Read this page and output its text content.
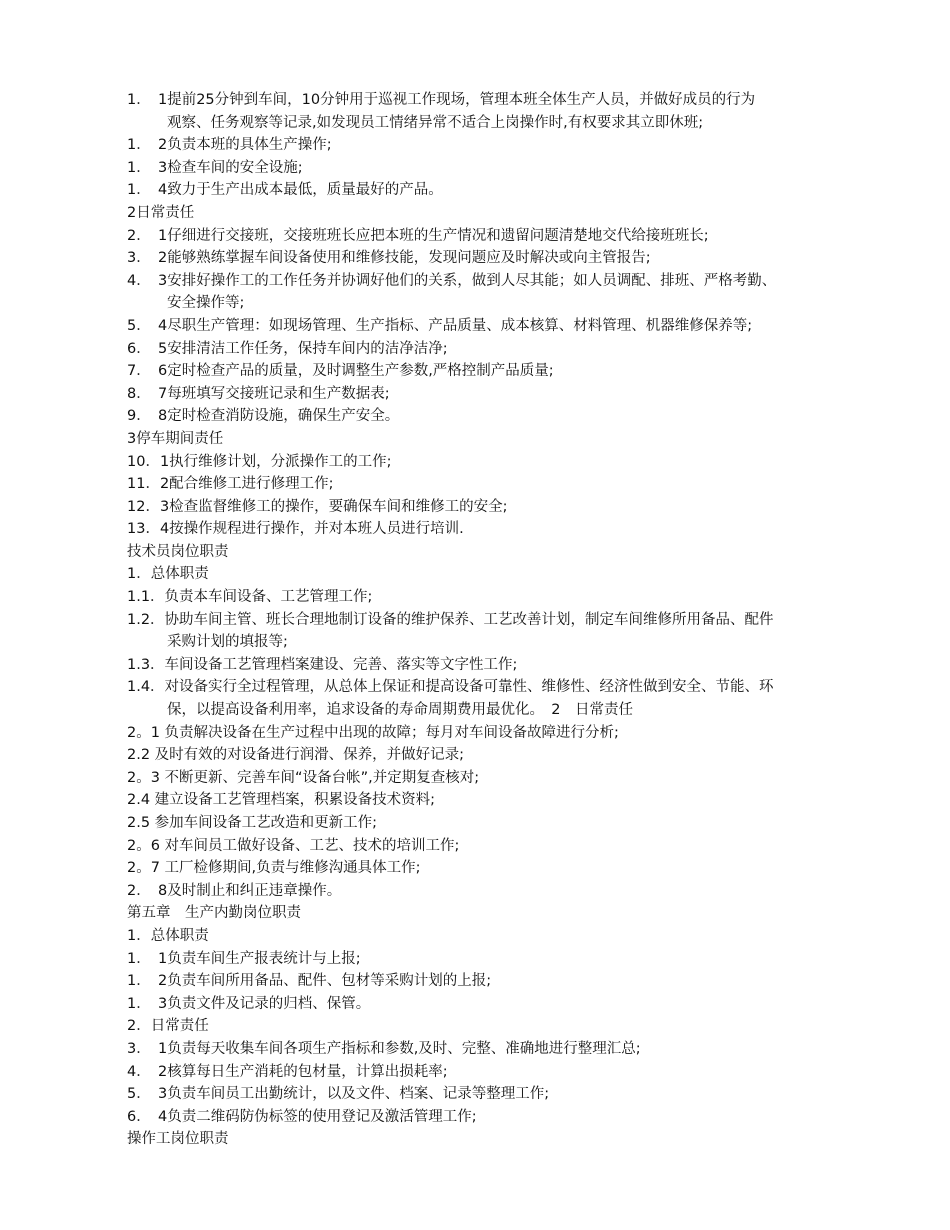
1．　1提前25分钟到车间，10分钟用于巡视工作现场，管理本班全体生产人员，并做好成员的行为
观察、任务观察等记录,如发现员工情绪异常不适合上岗操作时,有权要求其立即休班;
1．　2负责本班的具体生产操作;
1．　3检查车间的安全设施;
1．　4致力于生产出成本最低，质量最好的产品。
2日常责任
2．　1仔细进行交接班，交接班班长应把本班的生产情况和遗留问题清楚地交代给接班班长;
3．　2能够熟练掌握车间设备使用和维修技能，发现问题应及时解决或向主管报告;
4．　3安排好操作工的工作任务并协调好他们的关系，做到人尽其能；如人员调配、排班、严格考勤、
安全操作等;
5．　4尽职生产管理：如现场管理、生产指标、产品质量、成本核算、材料管理、机器维修保养等;
6．　5安排清洁工作任务，保持车间内的洁净洁净;
7．　6定时检查产品的质量，及时调整生产参数,严格控制产品质量;
8．　7每班填写交接班记录和生产数据表;
9．　8定时检查消防设施，确保生产安全。
3停车期间责任
10．1执行维修计划，分派操作工的工作;
11．2配合维修工进行修理工作;
12．3检查监督维修工的操作，要确保车间和维修工的安全;
13．4按操作规程进行操作，并对本班人员进行培训.
技术员岗位职责
1．总体职责
1.1．负责本车间设备、工艺管理工作;
1.2．协助车间主管、班长合理地制订设备的维护保养、工艺改善计划，制定车间维修所用备品、配件
采购计划的填报等;
1.3．车间设备工艺管理档案建设、完善、落实等文字性工作;
1.4．对设备实行全过程管理，从总体上保证和提高设备可靠性、维修性、经济性做到安全、节能、环
保，以提高设备利用率，追求设备的寿命周期费用最优化。　2　日常责任
2。1 负责解决设备在生产过程中出现的故障；每月对车间设备故障进行分析;
2.2 及时有效的对设备进行润滑、保养，并做好记录;
2。3 不断更新、完善车间“设备台帐”,并定期复查核对;
2.4 建立设备工艺管理档案，积累设备技术资料;
2.5 参加车间设备工艺改造和更新工作;
2。6 对车间员工做好设备、工艺、技术的培训工作;
2。7 工厂检修期间,负责与维修沟通具体工作;
2．　8及时制止和纠正违章操作。
第五章　生产内勤岗位职责
1．总体职责
1．　1负责车间生产报表统计与上报;
1．　2负责车间所用备品、配件、包材等采购计划的上报;
1．　3负责文件及记录的归档、保管。
2．日常责任
3．　1负责每天收集车间各项生产指标和参数,及时、完整、准确地进行整理汇总;
4．　2核算每日生产消耗的包材量，计算出损耗率;
5．　3负责车间员工出勤统计，以及文件、档案、记录等整理工作;
6．　4负责二维码防伪标签的使用登记及激活管理工作;
操作工岗位职责
